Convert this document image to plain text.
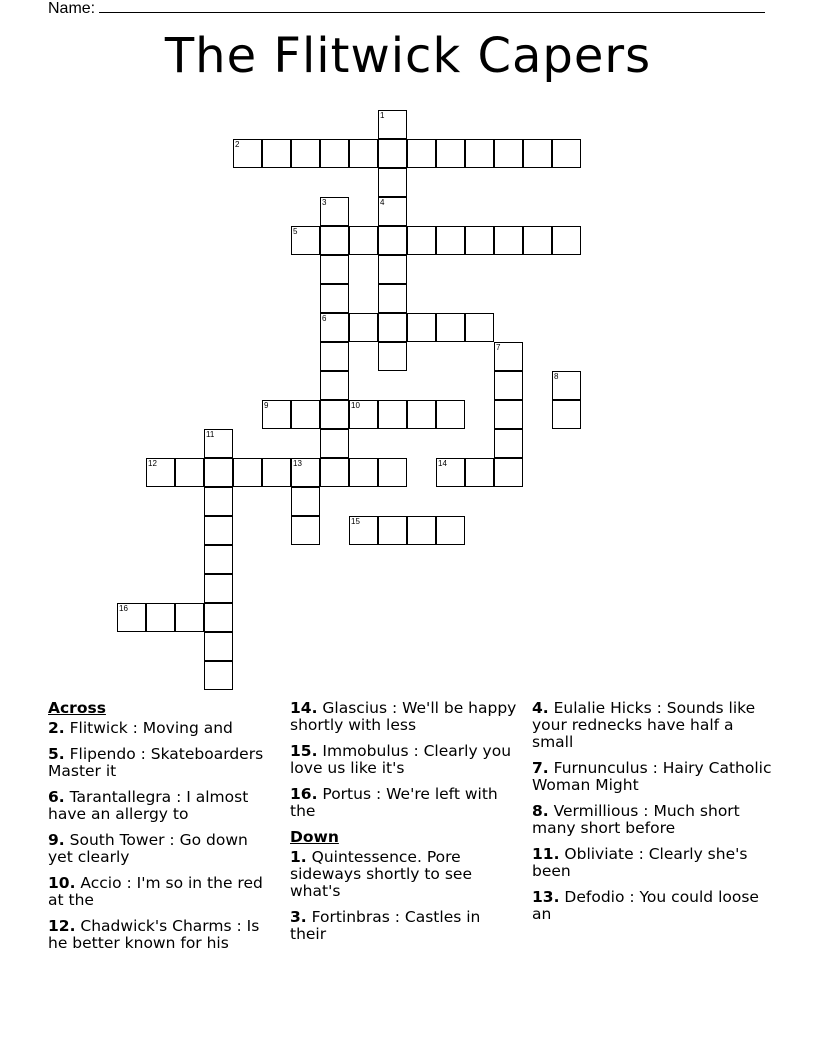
Name:
The Flitwick Capers
1
4
2
3
6
5
7
8
9	10
11
12	13	14
15
16
Across
2. Flitwick : Moving and
5. Flipendo : Skateboarders Master it
6. Tarantallegra : I almost have an allergy to
9. South Tower : Go down yet clearly
10. Accio : I'm so in the red at the
12. Chadwick's Charms : Is he better known for his
14. Glascius : We'll be happy shortly with less
15. Immobulus : Clearly you love us like it's
16. Portus : We're left with the
Down
1. Quintessence. Pore sideways shortly to see what's
3. Fortinbras : Castles in their
4. Eulalie Hicks : Sounds like your rednecks have half a small
7. Furnunculus : Hairy Catholic Woman Might
8. Vermillious : Much short many short before
11. Obliviate : Clearly she's been
13. Defodio : You could loose an
